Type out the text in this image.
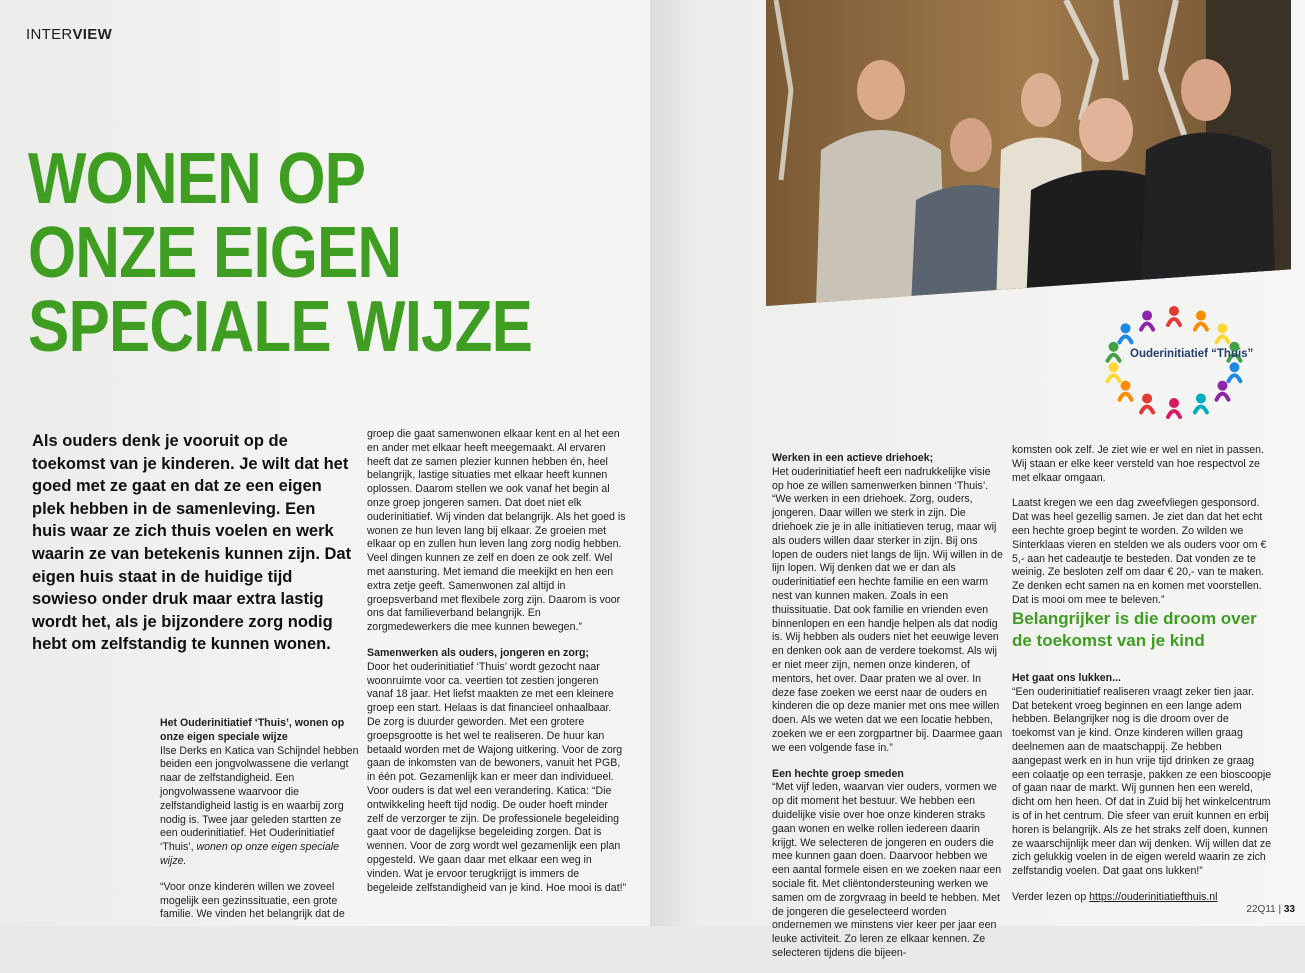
INTERVIEW
WONEN OP
ONZE EIGEN
SPECIALE WIJZE
Als ouders denk je vooruit op de toekomst van je kinderen. Je wilt dat het goed met ze gaat en dat ze een eigen plek hebben in de samenleving. Een huis waar ze zich thuis voelen en werk waarin ze van betekenis kunnen zijn. Dat eigen huis staat in de huidige tijd sowieso onder druk maar extra lastig wordt het, als je bijzondere zorg nodig hebt om zelfstandig te kunnen wonen.

Het Ouderinitiatief ‘Thuis’, wonen op onze eigen speciale wijze

Ilse Derks en Katica van Schijndel hebben beiden een jongvolwassene die verlangt naar de zelfstandigheid. Een jongvolwassene waarvoor die zelfstandigheid lastig is en waarbij zorg nodig is. Twee jaar geleden startten ze een ouderinitiatief. Het Ouderinitiatief ‘Thuis’, wonen op onze eigen speciale wijze.

“Voor onze kinderen willen we zoveel mogelijk een gezinssituatie, een grote familie. We vinden het belangrijk dat de

groep die gaat samenwonen elkaar kent en al het een en ander met elkaar heeft meegemaakt. Al ervaren heeft dat ze samen plezier kunnen hebben én, heel belangrijk, lastige situaties met elkaar heeft kunnen oplossen. Daarom stellen we ook vanaf het begin al onze groep jongeren samen. Dat doet niet elk ouderinitiatief. Wij vinden dat belangrijk. Als het goed is wonen ze hun leven lang bij elkaar. Ze groeien met elkaar op en zullen hun leven lang zorg nodig hebben. Veel dingen kunnen ze zelf en doen ze ook zelf. Wel met aansturing. Met iemand die meekijkt en hen een extra zetje geeft. Samenwonen zal altijd in groepsverband met flexibele zorg zijn. Daarom is voor ons dat familieverband belangrijk. En zorgmedewerkers die mee kunnen bewegen.”

Samenwerken als ouders, jongeren en zorg;

Door het ouderinitiatief ‘Thuis’ wordt gezocht naar woonruimte voor ca. veertien tot zestien jongeren vanaf 18 jaar. Het liefst maakten ze met een kleinere groep een start. Helaas is dat financieel onhaalbaar. De zorg is duurder geworden. Met een grotere groepsgrootte is het wel te realiseren. De huur kan betaald worden met de Wajong uitkering. Voor de zorg gaan de inkomsten van de bewoners, vanuit het PGB, in één pot. Gezamenlijk kan er meer dan individueel. Voor ouders is dat wel een verandering. Katica: “Die ontwikkeling heeft tijd nodig. De ouder hoeft minder zelf de verzorger te zijn. De professionele begeleiding gaat voor de dagelijkse begeleiding zorgen. Dat is wennen. Voor de zorg wordt wel gezamenlijk een plan opgesteld. We gaan daar met elkaar een weg in vinden. Wat je ervoor terugkrijgt is immers de begeleide zelfstandigheid van je kind. Hoe mooi is dat!”

Ouderinitiatief “Thuis”

Werken in een actieve driehoek;

Het ouderinitiatief heeft een nadrukkelijke visie op hoe ze willen samenwerken binnen ‘Thuis’. “We werken in een driehoek. Zorg, ouders, jongeren. Daar willen we sterk in zijn. Die driehoek zie je in alle initiatieven terug, maar wij als ouders willen daar sterker in zijn. Bij ons lopen de ouders niet langs de lijn. Wij willen in de lijn lopen. Wij denken dat we er dan als ouderinitiatief een hechte familie en een warm nest van kunnen maken. Zoals in een thuissituatie. Dat ook familie en vrienden even binnenlopen en een handje helpen als dat nodig is. Wij hebben als ouders niet het eeuwige leven en denken ook aan de verdere toekomst. Als wij er niet meer zijn, nemen onze kinderen, of mentors, het over. Daar praten we al over. In deze fase zoeken we eerst naar de ouders en kinderen die op deze manier met ons mee willen doen. Als we weten dat we een locatie hebben, zoeken we er een zorgpartner bij. Daarmee gaan we een volgende fase in.”

Een hechte groep smeden

“Met vijf leden, waarvan vier ouders, vormen we op dit moment het bestuur. We hebben een duidelijke visie over hoe onze kinderen straks gaan wonen en welke rollen iedereen daarin krijgt. We selecteren de jongeren en ouders die mee kunnen gaan doen. Daarvoor hebben we een aantal formele eisen en we zoeken naar een sociale fit. Met cliëntondersteuning werken we samen om de zorgvraag in beeld te hebben. Met de jongeren die geselecteerd worden ondernemen we minstens vier keer per jaar een leuke activiteit. Zo leren ze elkaar kennen. Ze selecteren tijdens die bijeen-

komsten ook zelf. Je ziet wie er wel en niet in passen. Wij staan er elke keer versteld van hoe respectvol ze met elkaar omgaan.

Laatst kregen we een dag zweefvliegen gesponsord. Dat was heel gezellig samen. Je ziet dan dat het echt een hechte groep begint te worden. Zo wilden we Sinterklaas vieren en stelden we als ouders voor om € 5,- aan het cadeautje te besteden. Dat vonden ze te weinig. Ze besloten zelf om daar € 20,- van te maken. Ze denken echt samen na en komen met voorstellen. Dat is mooi om mee te beleven.”

Belangrijker is die droom over de toekomst van je kind

Het gaat ons lukken...

“Een ouderinitiatief realiseren vraagt zeker tien jaar. Dat betekent vroeg beginnen en een lange adem hebben. Belangrijker nog is die droom over de toekomst van je kind. Onze kinderen willen graag deelnemen aan de maatschappij. Ze hebben aangepast werk en in hun vrije tijd drinken ze graag een colaatje op een terrasje, pakken ze een bioscoopje of gaan naar de markt. Wij gunnen hen een wereld, dicht om hen heen. Of dat in Zuid bij het winkelcentrum is of in het centrum. Die sfeer van eruit kunnen en erbij horen is belangrijk. Als ze het straks zelf doen, kunnen ze waarschijnlijk meer dan wij denken. Wij willen dat ze zich gelukkig voelen in de eigen wereld waarin ze zich zelfstandig voelen. Dat gaat ons lukken!”

Verder lezen op https://ouderinitiatiefthuis.nl

22Q11 | 33
